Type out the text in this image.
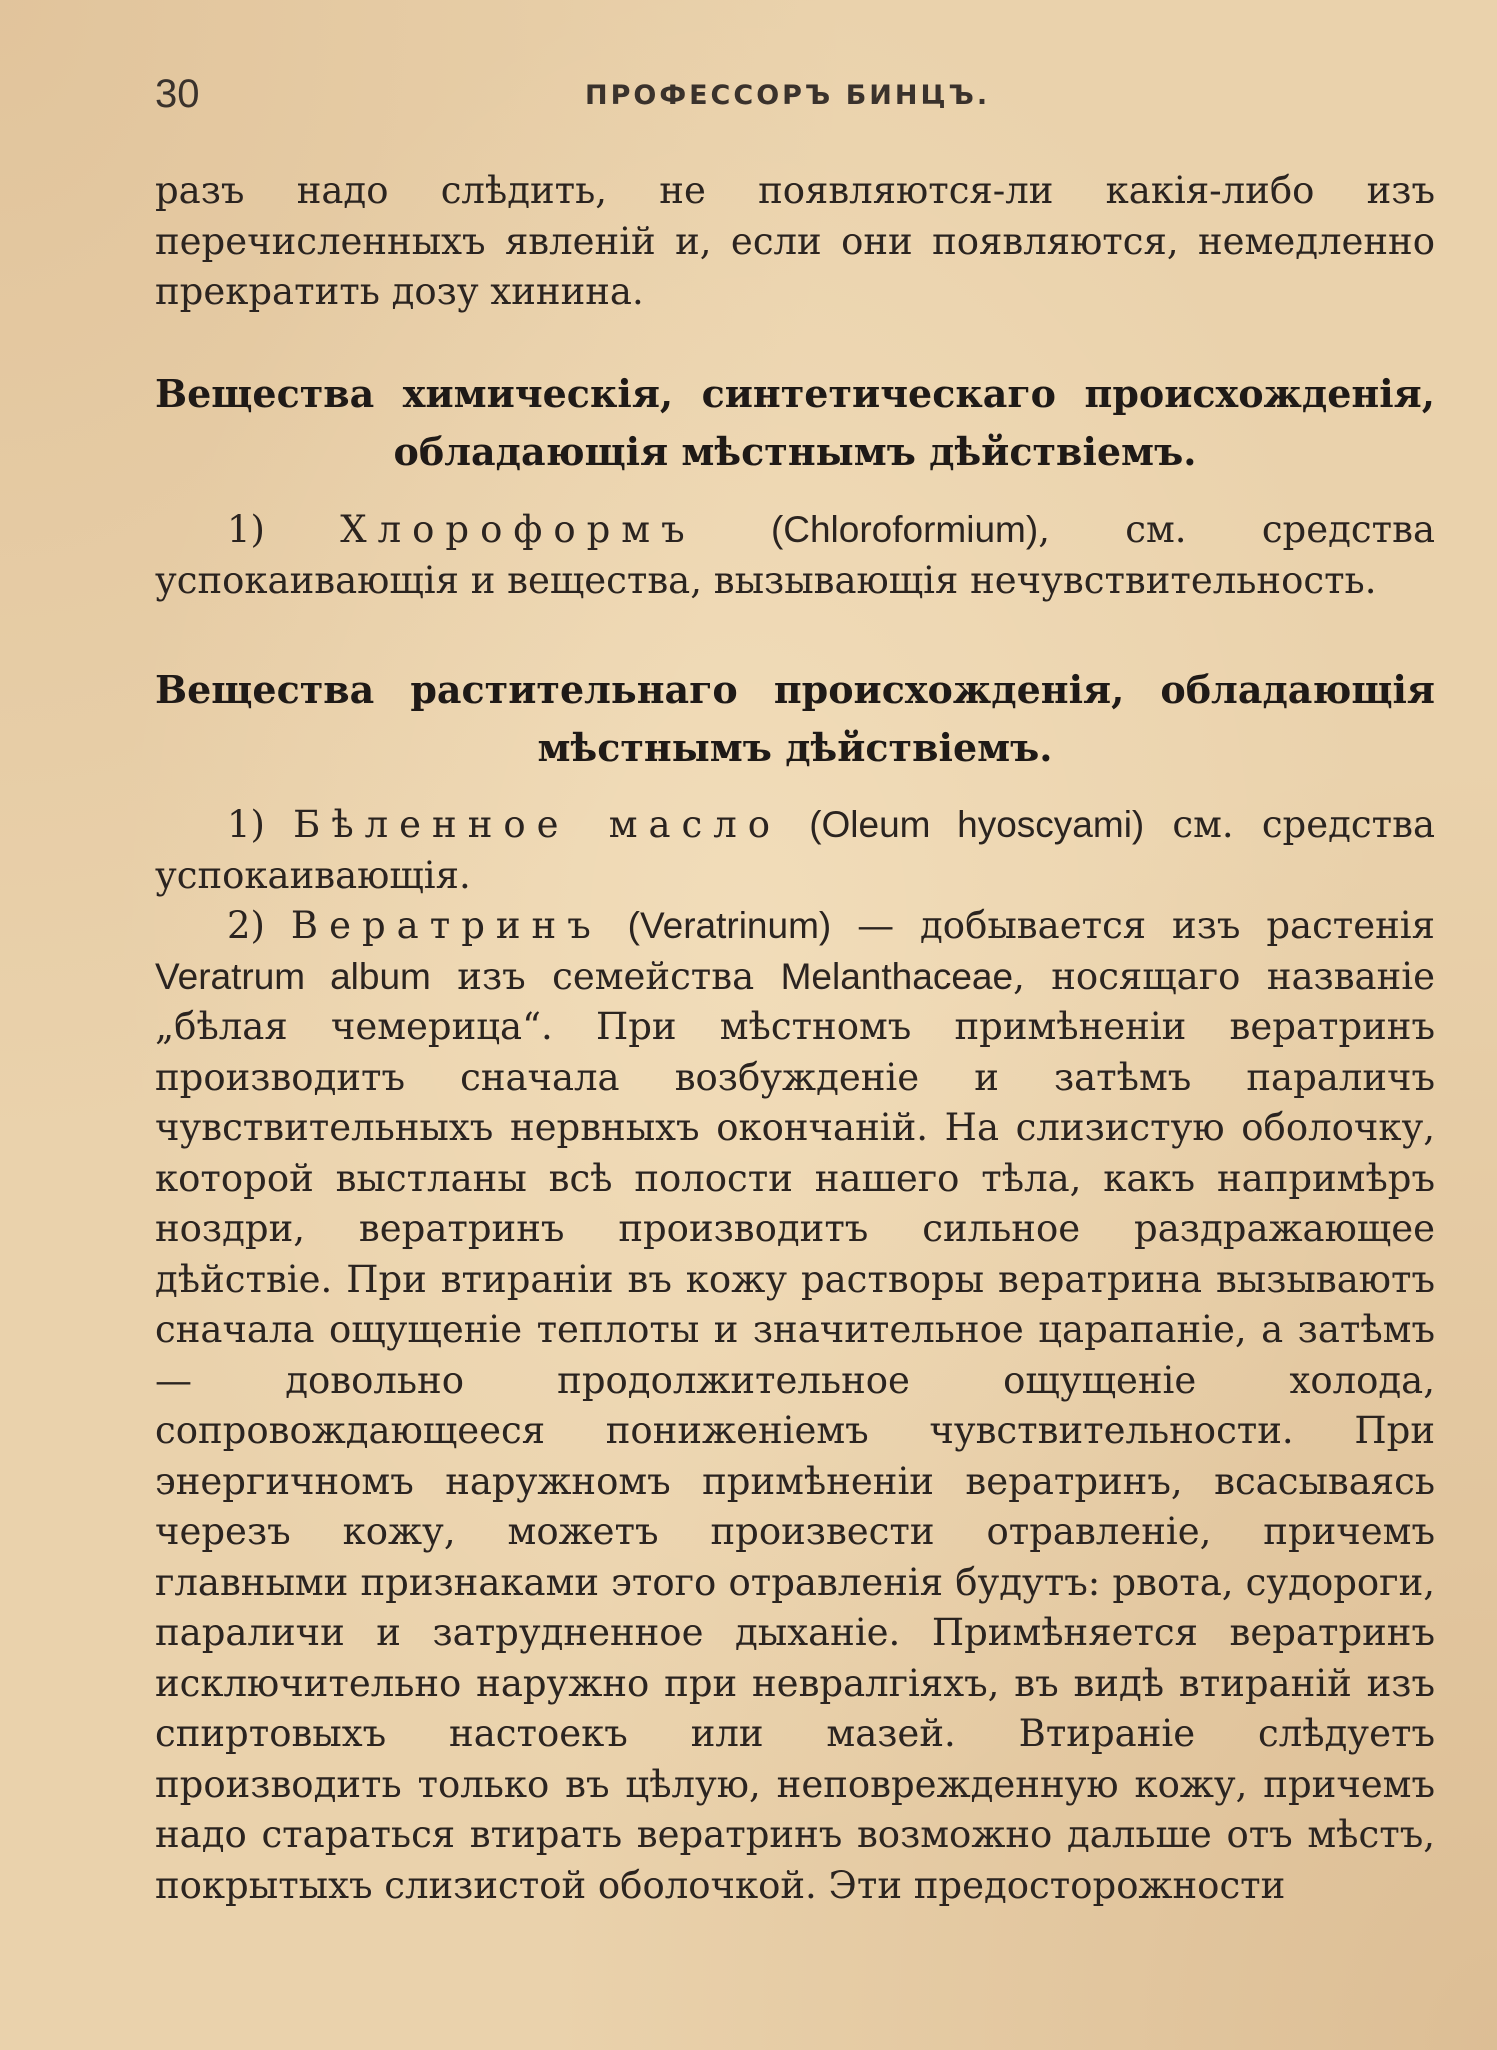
30	ПРОФЕССОРЪ БИНЦЪ.

разъ надо слѣдить, не появляются-ли какія-либо изъ перечисленныхъ явленій и, если они появляются, немедленно прекратить дозу хинина.

Вещества химическія, синтетическаго происхожденія,
обладающія мѣстнымъ дѣйствіемъ.

1) Хлороформъ (Chloroformium), см. средства успокаивающія и вещества, вызывающія нечувствительность.

Вещества растительнаго происхожденія, обладающія
мѣстнымъ дѣйствіемъ.

1) Бѣленное масло (Oleum hyoscyami) см. средства успокаивающія.

2) Вератринъ (Veratrinum) — добывается изъ растенія Veratrum album изъ семейства Melanthaceae, носящаго названіе „бѣлая чемерица“. При мѣстномъ примѣненіи вератринъ производитъ сначала возбужденіе и затѣмъ параличъ чувствительныхъ нервныхъ окончаній. На слизистую оболочку, которой выстланы всѣ полости нашего тѣла, какъ напримѣръ ноздри, вератринъ производитъ сильное раздражающее дѣйствіе. При втираніи въ кожу растворы вератрина вызываютъ сначала ощущеніе теплоты и значительное царапаніе, а затѣмъ — довольно продолжительное ощущеніе холода, сопровождающееся пониженіемъ чувствительности. При энергичномъ наружномъ примѣненіи вератринъ, всасываясь черезъ кожу, можетъ произвести отравленіе, причемъ главными признаками этого отравленія будутъ: рвота, судороги, параличи и затрудненное дыханіе. Примѣняется вератринъ исключительно наружно при невралгіяхъ, въ видѣ втираній изъ спиртовыхъ настоекъ или мазей. Втираніе слѣдуетъ производить только въ цѣлую, неповрежденную кожу, причемъ надо стараться втирать вератринъ возможно дальше отъ мѣстъ, покрытыхъ слизистой оболочкой. Эти предосторожности
